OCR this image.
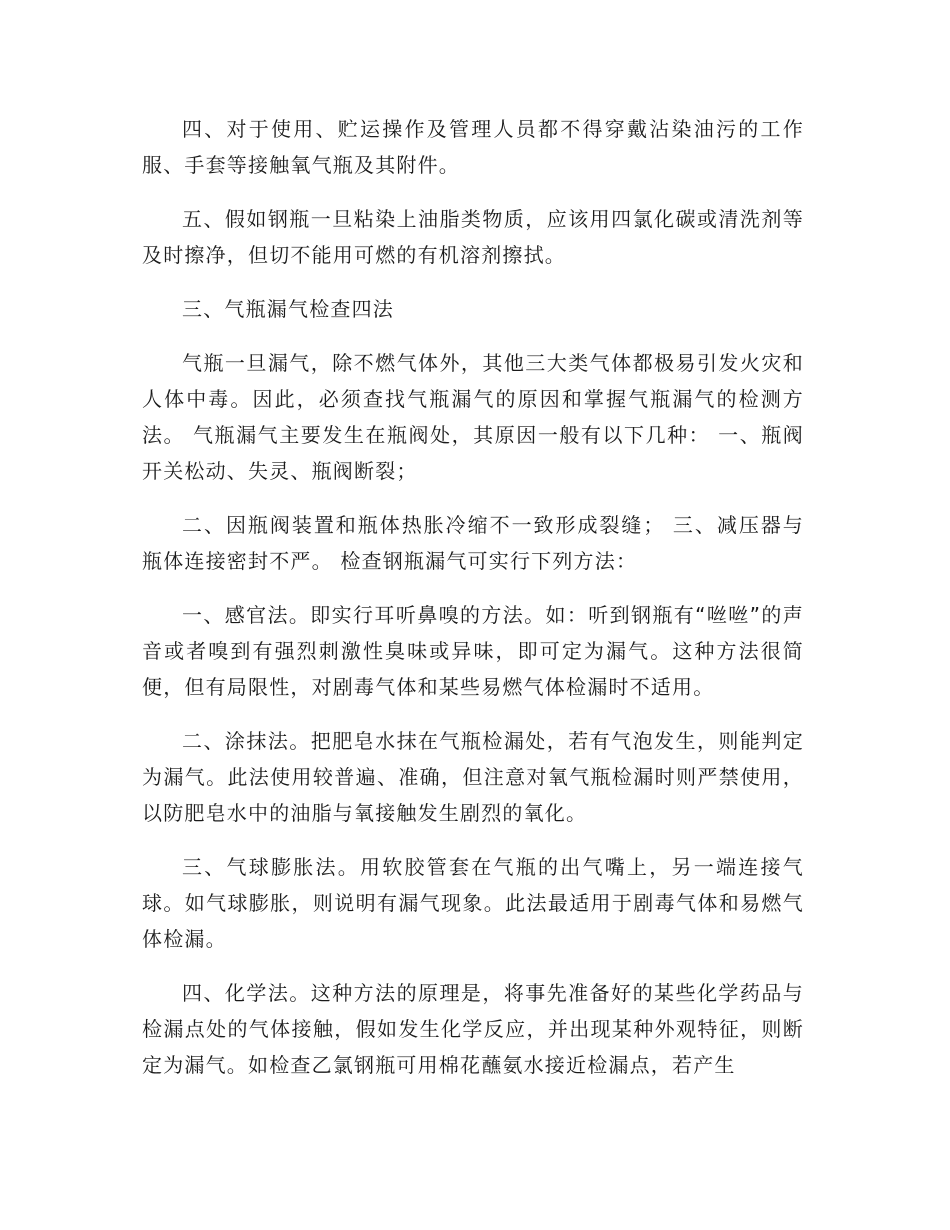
四、对于使用、贮运操作及管理人员都不得穿戴沾染油污的工作服、手套等接触氧气瓶及其附件。

五、假如钢瓶一旦粘染上油脂类物质，应该用四氯化碳或清洗剂等及时擦净，但切不能用可燃的有机溶剂擦拭。

三、气瓶漏气检查四法

气瓶一旦漏气，除不燃气体外，其他三大类气体都极易引发火灾和人体中毒。因此，必须查找气瓶漏气的原因和掌握气瓶漏气的检测方法。 气瓶漏气主要发生在瓶阀处，其原因一般有以下几种： 一、瓶阀开关松动、失灵、瓶阀断裂；

二、因瓶阀装置和瓶体热胀冷缩不一致形成裂缝； 三、减压器与瓶体连接密封不严。 检查钢瓶漏气可实行下列方法：

一、感官法。即实行耳听鼻嗅的方法。如：听到钢瓶有“咝咝”的声音或者嗅到有强烈刺激性臭味或异味，即可定为漏气。这种方法很简便，但有局限性，对剧毒气体和某些易燃气体检漏时不适用。

二、涂抹法。把肥皂水抹在气瓶检漏处，若有气泡发生，则能判定为漏气。此法使用较普遍、准确，但注意对氧气瓶检漏时则严禁使用，以防肥皂水中的油脂与氧接触发生剧烈的氧化。

三、气球膨胀法。用软胶管套在气瓶的出气嘴上，另一端连接气球。如气球膨胀，则说明有漏气现象。此法最适用于剧毒气体和易燃气体检漏。

四、化学法。这种方法的原理是，将事先准备好的某些化学药品与检漏点处的气体接触，假如发生化学反应，并出现某种外观特征，则断定为漏气。如检查乙氯钢瓶可用棉花蘸氨水接近检漏点，若产生
